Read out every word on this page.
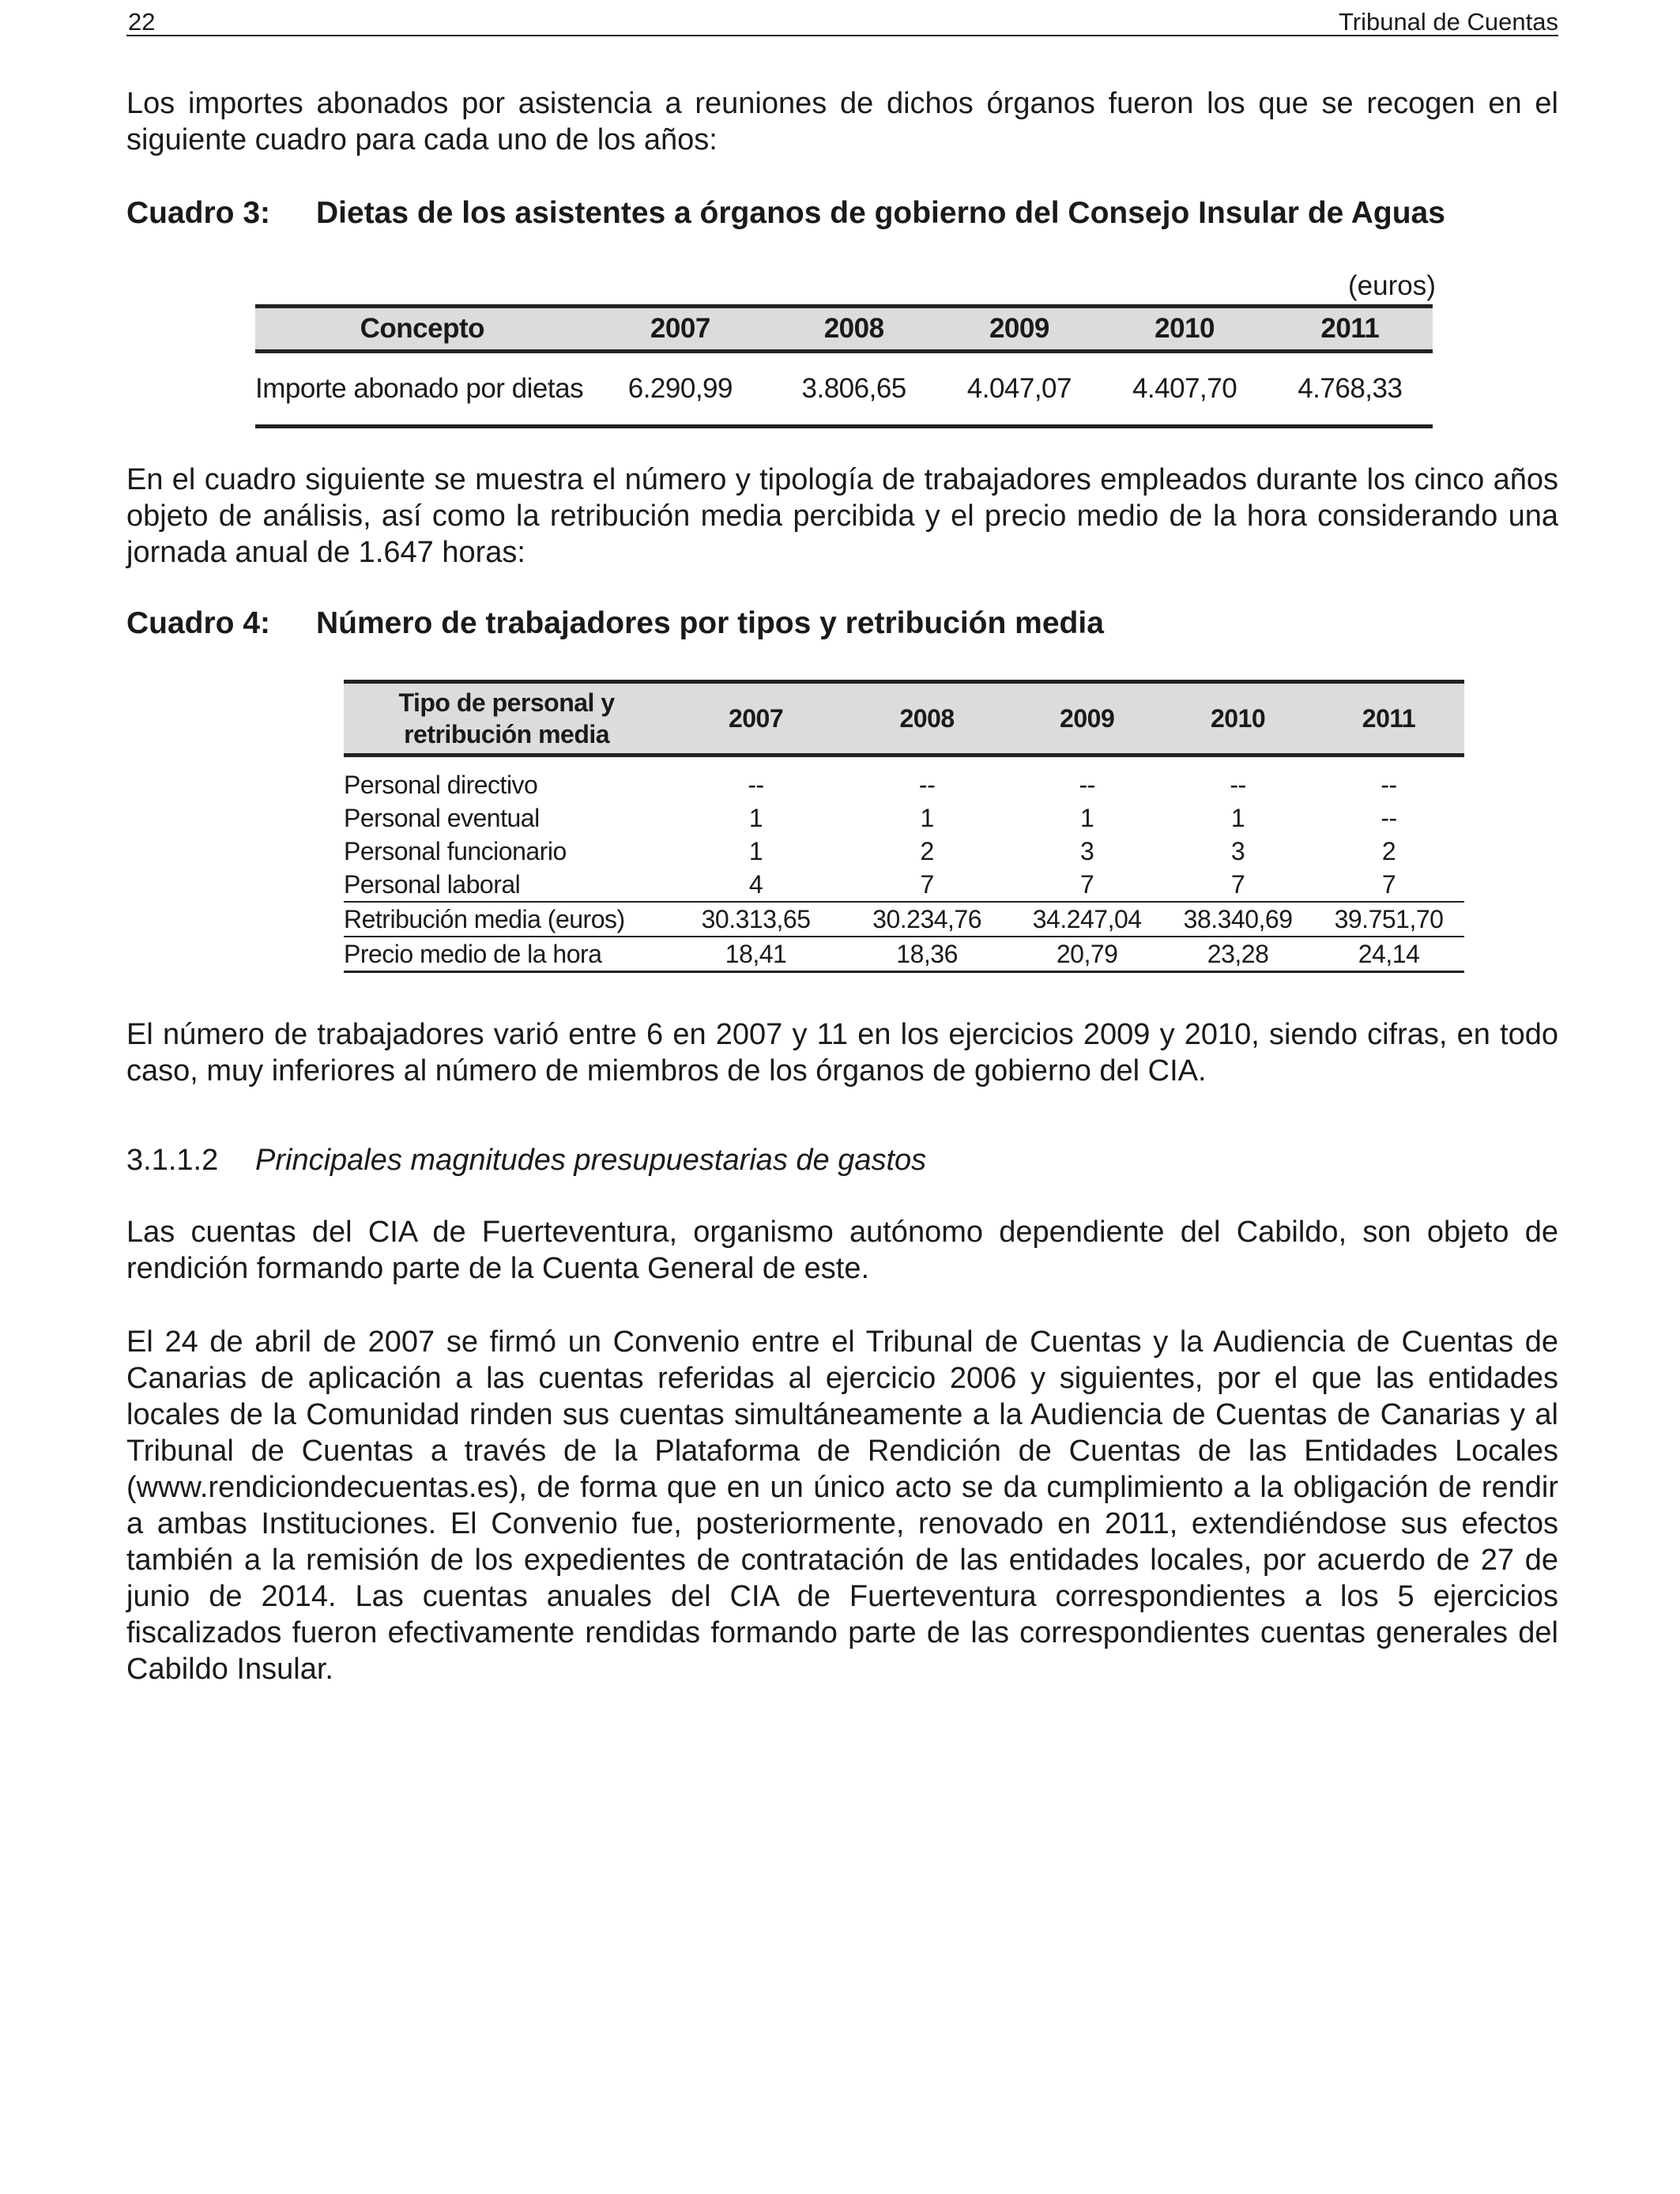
22	Tribunal de Cuentas

Los importes abonados por asistencia a reuniones de dichos órganos fueron los que se recogen en el siguiente cuadro para cada uno de los años:

Cuadro 3: Dietas de los asistentes a órganos de gobierno del Consejo Insular de Aguas
(euros)
Concepto	2007	2008	2009	2010	2011
Importe abonado por dietas	6.290,99	3.806,65	4.047,07	4.407,70	4.768,33

En el cuadro siguiente se muestra el número y tipología de trabajadores empleados durante los cinco años objeto de análisis, así como la retribución media percibida y el precio medio de la hora considerando una jornada anual de 1.647 horas:

Cuadro 4: Número de trabajadores por tipos y retribución media
Tipo de personal y retribución media	2007	2008	2009	2010	2011

Personal directivo	--	--	--	--	--
Personal eventual	1	1	1	1	--
Personal funcionario	1	2	3	3	2
Personal laboral	4	7	7	7	7
Retribución media (euros)	30.313,65	30.234,76	34.247,04	38.340,69	39.751,70
Precio medio de la hora	18,41	18,36	20,79	23,28	24,14

El número de trabajadores varió entre 6 en 2007 y 11 en los ejercicios 2009 y 2010, siendo cifras, en todo caso, muy inferiores al número de miembros de los órganos de gobierno del CIA.

3.1.1.2 Principales magnitudes presupuestarias de gastos

Las cuentas del CIA de Fuerteventura, organismo autónomo dependiente del Cabildo, son objeto de rendición formando parte de la Cuenta General de este.

El 24 de abril de 2007 se firmó un Convenio entre el Tribunal de Cuentas y la Audiencia de Cuentas de Canarias de aplicación a las cuentas referidas al ejercicio 2006 y siguientes, por el que las entidades locales de la Comunidad rinden sus cuentas simultáneamente a la Audiencia de Cuentas de Canarias y al Tribunal de Cuentas a través de la Plataforma de Rendición de Cuentas de las Entidades Locales (www.rendiciondecuentas.es), de forma que en un único acto se da cumplimiento a la obligación de rendir a ambas Instituciones. El Convenio fue, posteriormente, renovado en 2011, extendiéndose sus efectos también a la remisión de los expedientes de contratación de las entidades locales, por acuerdo de 27 de junio de 2014. Las cuentas anuales del CIA de Fuerteventura correspondientes a los 5 ejercicios fiscalizados fueron efectivamente rendidas formando parte de las correspondientes cuentas generales del Cabildo Insular.
